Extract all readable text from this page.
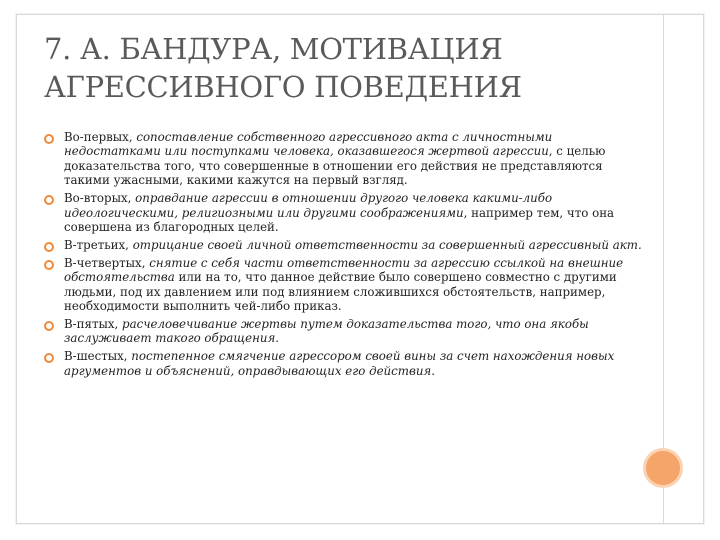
7. А. БАНДУРА, МОТИВАЦИЯ
АГРЕССИВНОГО ПОВЕДЕНИЯ
Во-первых, сопоставление собственного агрессивного акта с личностными недостатками или поступками человека, оказавшегося жертвой агрессии, с целью доказательства того, что совершенные в отношении его действия не представляются такими ужасными, какими кажутся на первый взгляд.
Во-вторых, оправдание агрессии в отношении другого человека какими-либо идеологическими, религиозными или другими соображениями, например тем, что она совершена из благородных целей.
В-третьих, отрицание своей личной ответственности за совершенный агрессивный акт.
В-четвертых, снятие с себя части ответственности за агрессию ссылкой на внешние обстоятельства или на то, что данное действие было совершено совместно с другими людьми, под их давлением или под влиянием сложившихся обстоятельств, например, необходимости выполнить чей-либо приказ.
В-пятых, расчеловечивание жертвы путем доказательства того, что она якобы заслуживает такого обращения.
В-шестых, постепенное смягчение агрессором своей вины за счет нахождения новых аргументов и объяснений, оправдывающих его действия.
